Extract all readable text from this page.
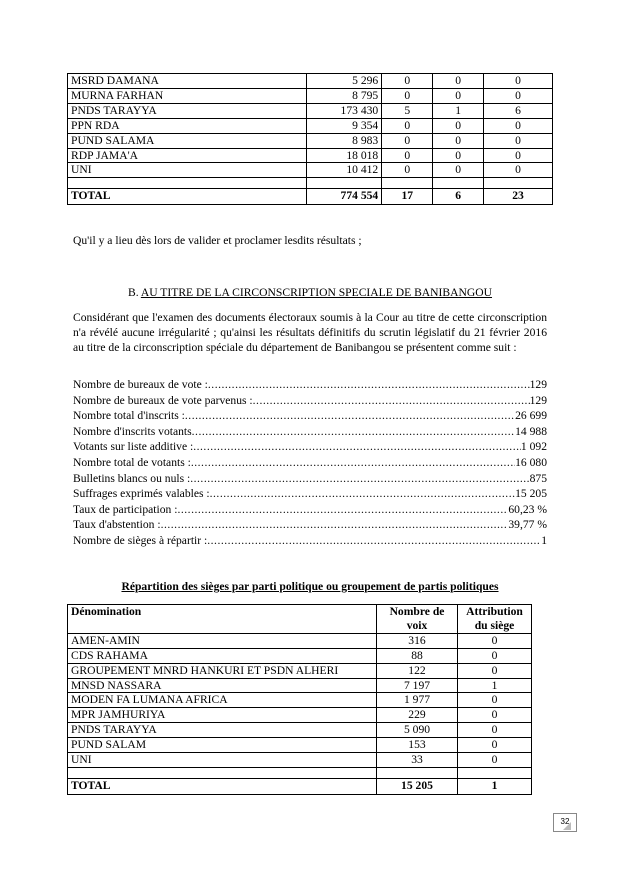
MSRD DAMANA	5 296	0	0	0
MURNA FARHAN	8 795	0	0	0
PNDS TARAYYA	173 430	5	1	6
PPN RDA	9 354	0	0	0
PUND SALAMA	8 983	0	0	0
RDP JAMA'A	18 018	0	0	0
UNI	10 412	0	0	0

TOTAL	774 554	17	6	23

Qu'il y a lieu dès lors de valider et proclamer lesdits résultats ;

B. AU TITRE DE LA CIRCONSCRIPTION SPECIALE DE BANIBANGOU

Considérant que l'examen des documents électoraux soumis à la Cour au titre de cette circonscription n'a révélé aucune irrégularité ; qu'ainsi les résultats définitifs du scrutin législatif du 21 février 2016 au titre de la circonscription spéciale du département de Banibangou se présentent comme suit :

Nombre de bureaux de vote : .....	129
Nombre de bureaux de vote parvenus : .....	129
Nombre total d'inscrits : .....	26 699
Nombre d'inscrits votants .....	14 988
Votants sur liste additive : .....	1 092
Nombre total de votants : .....	16 080
Bulletins blancs ou nuls : .....	875
Suffrages exprimés valables : .....	15 205
Taux de participation : .....	60,23 %
Taux d'abstention : .....	39,77 %
Nombre de sièges à répartir : .....	1
Répartition des sièges par parti politique ou groupement de partis politiques
Dénomination	Nombre de voix	Attribution du siège
AMEN-AMIN	316	0
CDS RAHAMA	88	0
GROUPEMENT MNRD HANKURI ET PSDN ALHERI	122	0
MNSD NASSARA	7 197	1
MODEN FA LUMANA AFRICA	1 977	0
MPR JAMHURIYA	229	0
PNDS TARAYYA	5 090	0
PUND SALAM	153	0
UNI	33	0

TOTAL	15 205	1
32
